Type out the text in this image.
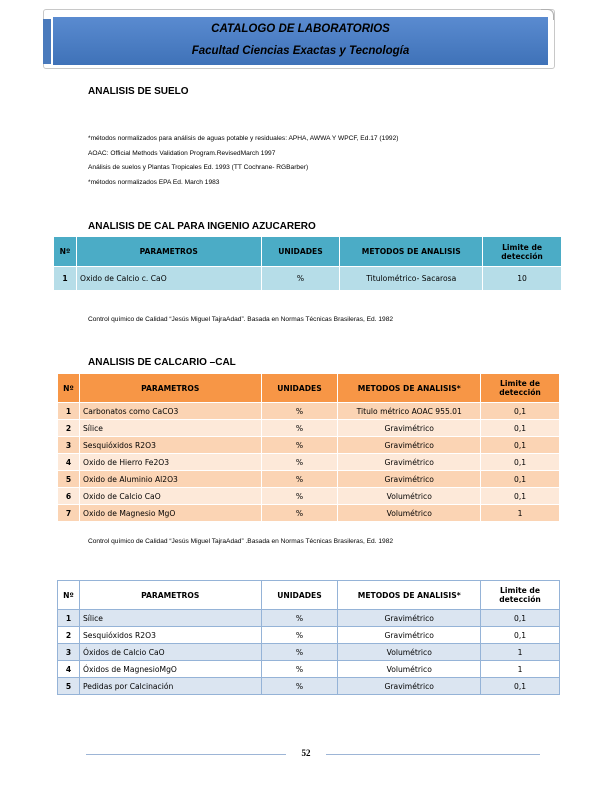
CATALOGO DE LABORATORIOS
Facultad Ciencias Exactas y Tecnología
ANALISIS DE SUELO
*métodos normalizados para análisis de aguas potable y residuales: APHA, AWWA Y WPCF, Ed.17 (1992)
AOAC: Official Methods Validation Program.RevisedMarch 1997
Análisis de suelos y Plantas Tropicales Ed. 1993 (TT Cochrane- RGBarber)
*métodos normalizados EPA Ed. March 1983
ANALISIS DE CAL PARA INGENIO AZUCARERO
Nº	PARAMETROS	UNIDADES	METODOS DE ANALISIS	Limite de detección
1	Oxido de Calcio c. CaO	%	Titulométrico- Sacarosa	10
Control químico de Calidad “Jesús Miguel TajraAdad”. Basada en Normas Técnicas Brasileras, Ed. 1982
ANALISIS DE CALCARIO –CAL
Nº	PARAMETROS	UNIDADES	METODOS DE ANALISIS*	Limite de detección
1	Carbonatos como CaCO3	%	Titulo métrico AOAC 955.01	0,1
2	Sílice	%	Gravimétrico	0,1
3	Sesquióxidos R2O3	%	Gravimétrico	0,1
4	Oxido de Hierro Fe2O3	%	Gravimétrico	0,1
5	Oxido de Aluminio Al2O3	%	Gravimétrico	0,1
6	Oxido de Calcio CaO	%	Volumétrico	0,1
7	Oxido de Magnesio MgO	%	Volumétrico	1
Control químico de Calidad “Jesús Miguel TajraAdad” .Basada en Normas Técnicas Brasileras, Ed. 1982
Nº	PARAMETROS	UNIDADES	METODOS DE ANALISIS*	Limite de detección
1	Sílice	%	Gravimétrico	0,1
2	Sesquióxidos R2O3	%	Gravimétrico	0,1
3	Óxidos de Calcio CaO	%	Volumétrico	1
4	Óxidos de MagnesioMgO	%	Volumétrico	1
5	Pedidas por Calcinación	%	Gravimétrico	0,1
52
